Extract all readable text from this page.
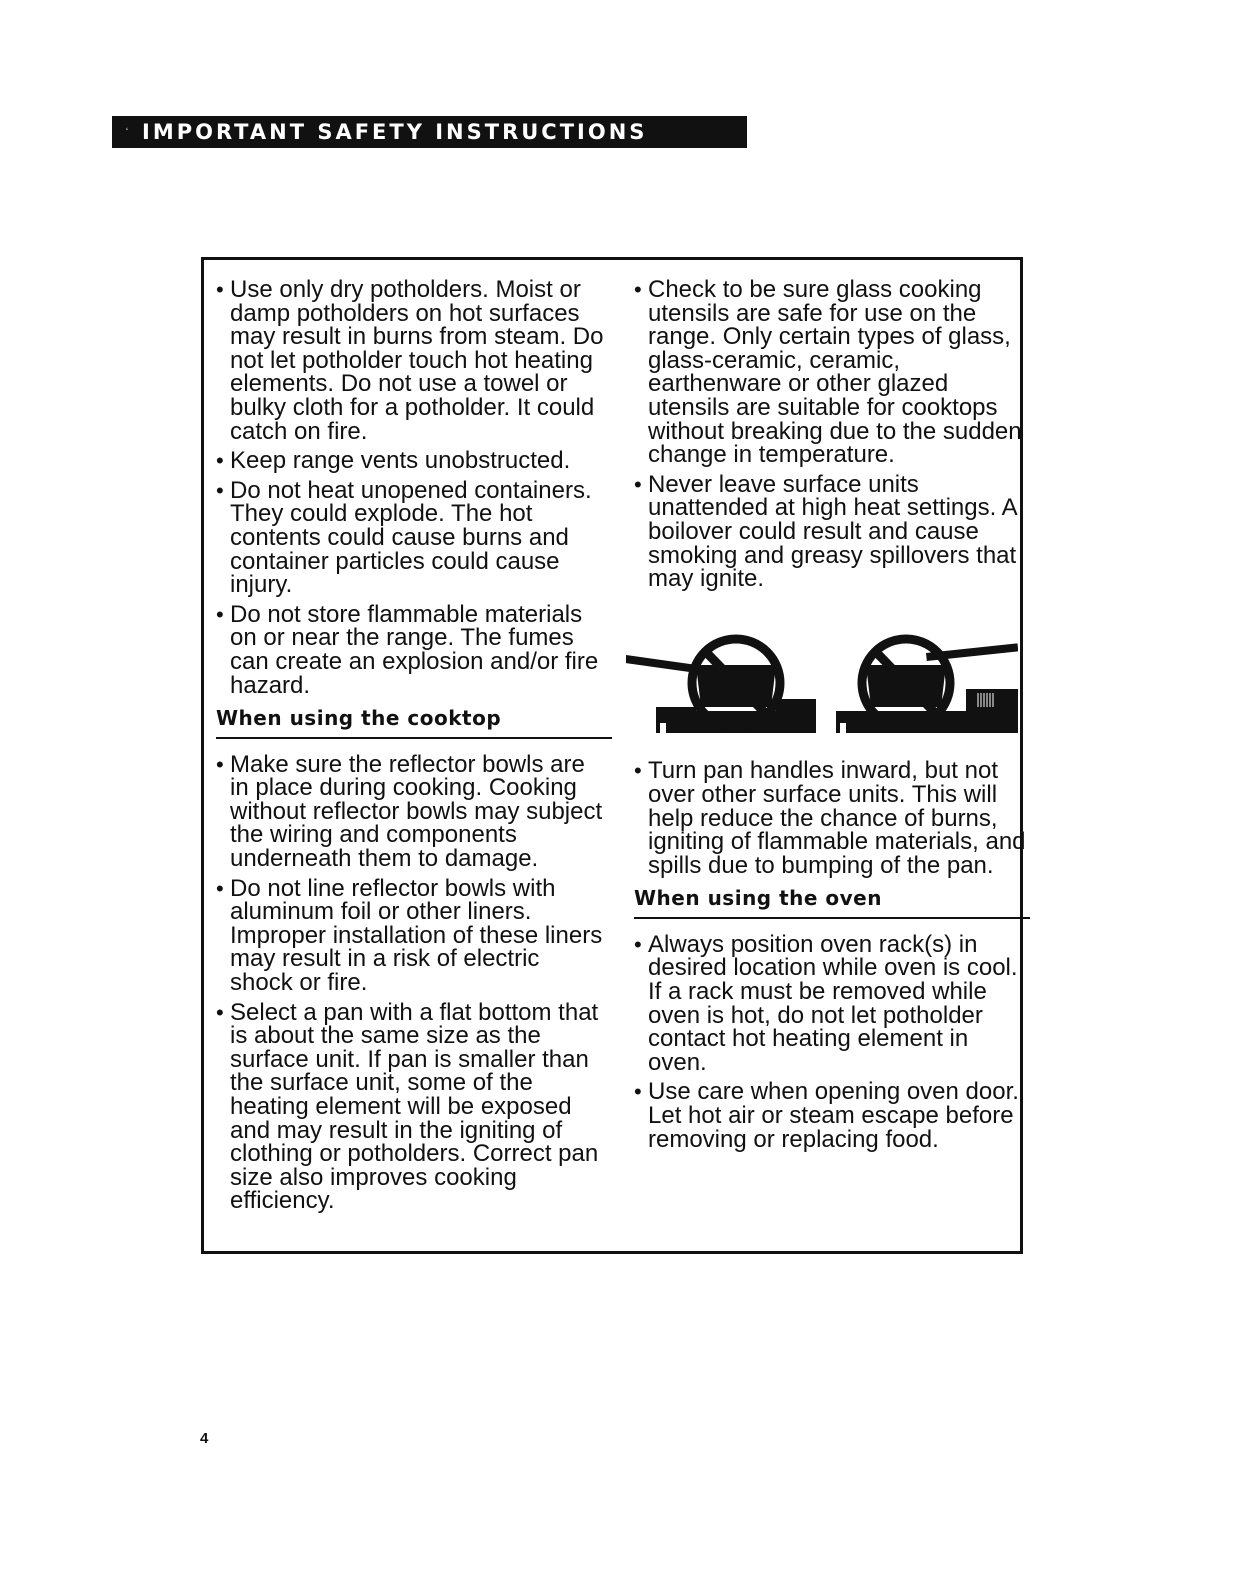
ʻ IMPORTANT SAFETY INSTRUCTIONS
• Use only dry potholders. Moist or damp potholders on hot surfaces may result in burns from steam. Do not let potholder touch hot heating elements. Do not use a towel or bulky cloth for a potholder. It could catch on fire.
• Keep range vents unobstructed.
• Do not heat unopened containers. They could explode. The hot contents could cause burns and container particles could cause injury.
• Do not store flammable materials on or near the range. The fumes can create an explosion and/or fire hazard.
When using the cooktop
• Make sure the reflector bowls are in place during cooking. Cooking without reflector bowls may subject the wiring and components underneath them to damage.
• Do not line reflector bowls with aluminum foil or other liners. Improper installation of these liners may result in a risk of electric shock or fire.
• Select a pan with a flat bottom that is about the same size as the surface unit. If pan is smaller than the surface unit, some of the heating element will be exposed and may result in the igniting of clothing or potholders. Correct pan size also improves cooking efficiency.
• Check to be sure glass cooking utensils are safe for use on the range. Only certain types of glass, glass-ceramic, ceramic, earthenware or other glazed utensils are suitable for cooktops without breaking due to the sudden change in temperature.
• Never leave surface units unattended at high heat settings. A boilover could result and cause smoking and greasy spillovers that may ignite.
• Turn pan handles inward, but not over other surface units. This will help reduce the chance of burns, igniting of flammable materials, and spills due to bumping of the pan.
When using the oven
• Always position oven rack(s) in desired location while oven is cool. If a rack must be removed while oven is hot, do not let potholder contact hot heating element in oven.
• Use care when opening oven door. Let hot air or steam escape before removing or replacing food.
4
